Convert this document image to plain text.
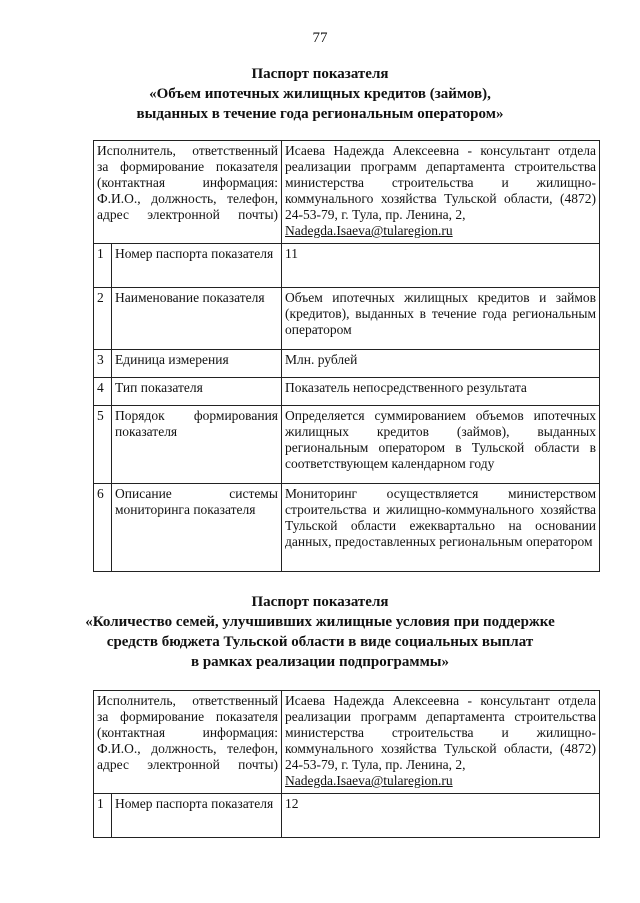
77
Паспорт показателя
«Объем ипотечных жилищных кредитов (займов),
выданных в течение года региональным оператором»
Исполнитель, ответственный за формирование показателя (контактная информация: Ф.И.О., должность, телефон, адрес электронной почты)		Исаева Надежда Алексеевна - консультант отдела реализации программ департамента строительства министерства строительства и жилищно-коммунального хозяйства Тульской области, (4872) 24-53-79, г. Тула, пр. Ленина, 2,
Nadegda.Isaeva@tularegion.ru
1	Номер паспорта показателя	11
2	Наименование показателя	Объем ипотечных жилищных кредитов и займов (кредитов), выданных в течение года региональным оператором
3	Единица измерения	Млн. рублей
4	Тип показателя	Показатель непосредственного результата
5	Порядок формирования показателя	Определяется суммированием объемов ипотечных жилищных кредитов (займов), выданных региональным оператором в Тульской области в соответствующем календарном году
6	Описание системы мониторинга показателя	Мониторинг осуществляется министерством строительства и жилищно-коммунального хозяйства Тульской области ежеквартально на основании данных, предоставленных региональным оператором
Паспорт показателя
«Количество семей, улучшивших жилищные условия при поддержке
средств бюджета Тульской области в виде социальных выплат
в рамках реализации подпрограммы»
Исполнитель, ответственный за формирование показателя (контактная информация: Ф.И.О., должность, телефон, адрес электронной почты)		Исаева Надежда Алексеевна - консультант отдела реализации программ департамента строительства министерства строительства и жилищно-коммунального хозяйства Тульской области, (4872) 24-53-79, г. Тула, пр. Ленина, 2,
Nadegda.Isaeva@tularegion.ru
1	Номер паспорта показателя	12
